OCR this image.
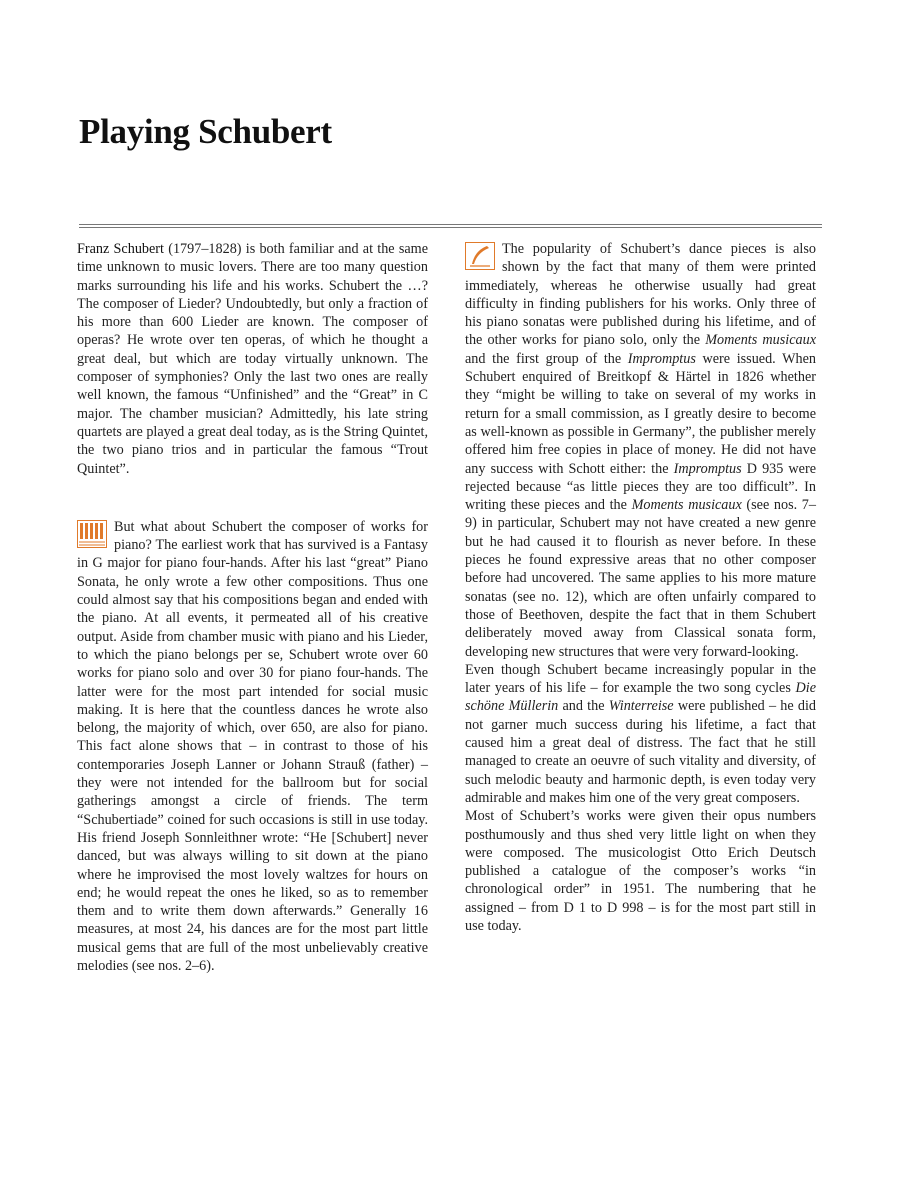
Playing Schubert

Franz Schubert (1797–1828) is both familiar and at the same time unknown to music lovers. There are too many question marks surrounding his life and his works. Schubert the …? The composer of Lieder? Undoubtedly, but only a fraction of his more than 600 Lieder are known. The composer of operas? He wrote over ten operas, of which he thought a great deal, but which are today virtually unknown. The composer of symphonies? Only the last two ones are really well known, the famous “Unfinished” and the “Great” in C major. The chamber musician? Admittedly, his late string quartets are played a great deal today, as is the String Quintet, the two piano trios and in particular the famous “Trout Quintet”.

But what about Schubert the composer of works for piano? The earliest work that has survived is a Fantasy in G major for piano four-hands. After his last “great” Piano Sonata, he only wrote a few other compositions. Thus one could almost say that his compositions began and ended with the piano. At all events, it permeated all of his creative output. Aside from chamber music with piano and his Lieder, to which the piano belongs per se, Schubert wrote over 60 works for piano solo and over 30 for piano four-hands. The latter were for the most part intended for social music making. It is here that the countless dances he wrote also belong, the majority of which, over 650, are also for piano. This fact alone shows that – in contrast to those of his contemporaries Joseph Lanner or Johann Strauß (father) – they were not intended for the ballroom but for social gatherings amongst a circle of friends. The term “Schubertiade” coined for such occasions is still in use today. His friend Joseph Sonnleithner wrote: “He [Schubert] never danced, but was always willing to sit down at the piano where he improvised the most lovely waltzes for hours on end; he would repeat the ones he liked, so as to remember them and to write them down afterwards.” Generally 16 measures, at most 24, his dances are for the most part little musical gems that are full of the most unbelievably creative melodies (see nos. 2–6).

The popularity of Schubert’s dance pieces is also shown by the fact that many of them were printed immediately, whereas he otherwise usually had great difficulty in finding publishers for his works. Only three of his piano sonatas were published during his lifetime, and of the other works for piano solo, only the Moments musicaux and the first group of the Impromptus were issued. When Schubert enquired of Breitkopf & Härtel in 1826 whether they “might be willing to take on several of my works in return for a small commission, as I greatly desire to become as well-known as possible in Germany”, the publisher merely offered him free copies in place of money. He did not have any success with Schott either: the Impromptus D 935 were rejected because “as little pieces they are too difficult”. In writing these pieces and the Moments musicaux (see nos. 7–9) in particular, Schubert may not have created a new genre but he had caused it to flourish as never before. In these pieces he found expressive areas that no other composer before had uncovered. The same applies to his more mature sonatas (see no. 12), which are often unfairly compared to those of Beethoven, despite the fact that in them Schubert deliberately moved away from Classical sonata form, developing new structures that were very forward-looking.

Even though Schubert became increasingly popular in the later years of his life – for example the two song cycles Die schöne Müllerin and the Winterreise were published – he did not garner much success during his lifetime, a fact that caused him a great deal of distress. The fact that he still managed to create an oeuvre of such vitality and diversity, of such melodic beauty and harmonic depth, is even today very admirable and makes him one of the very great composers.

Most of Schubert’s works were given their opus numbers posthumously and thus shed very little light on when they were composed. The musicologist Otto Erich Deutsch published a catalogue of the composer’s works “in chronological order” in 1951. The numbering that he assigned – from D 1 to D 998 – is for the most part still in use today.
